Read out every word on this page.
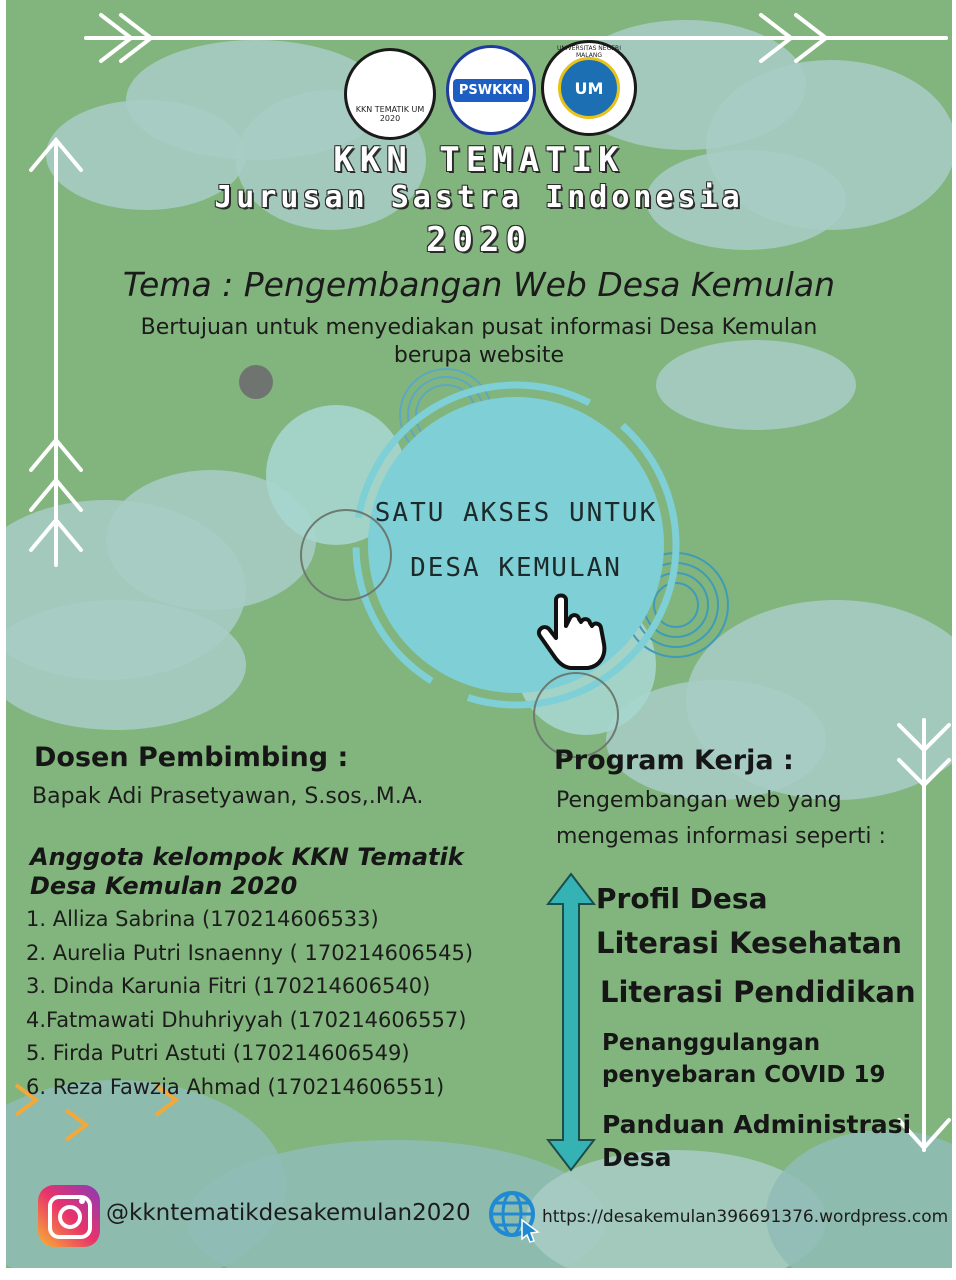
KKN TEMATIK UM 2020
PSWKKN	UM
UNIVERSITAS NEGERI MALANG
KKN TEMATIK
Jurusan Sastra Indonesia
2020
Tema : Pengembangan Web Desa Kemulan
Bertujuan untuk menyediakan pusat informasi Desa Kemulan
berupa website
SATU AKSES UNTUK
DESA KEMULAN
Dosen Pembimbing :
Bapak Adi Prasetyawan, S.sos,.M.A.
Anggota kelompok KKN Tematik
Desa Kemulan 2020
1. Alliza Sabrina (170214606533)
2. Aurelia Putri Isnaenny ( 170214606545)
3. Dinda Karunia Fitri (170214606540)
4.Fatmawati Dhuhriyyah (170214606557)
5. Firda Putri Astuti (170214606549)
6. Reza Fawzia Ahmad (170214606551)
Program Kerja :
Pengembangan web yang
mengemas informasi seperti :
Profil Desa
Literasi Kesehatan
Literasi Pendidikan
Penanggulangan
penyebaran COVID 19
Panduan Administrasi
Desa
@kkntematikdesakemulan2020	https://desakemulan396691376.wordpress.com
